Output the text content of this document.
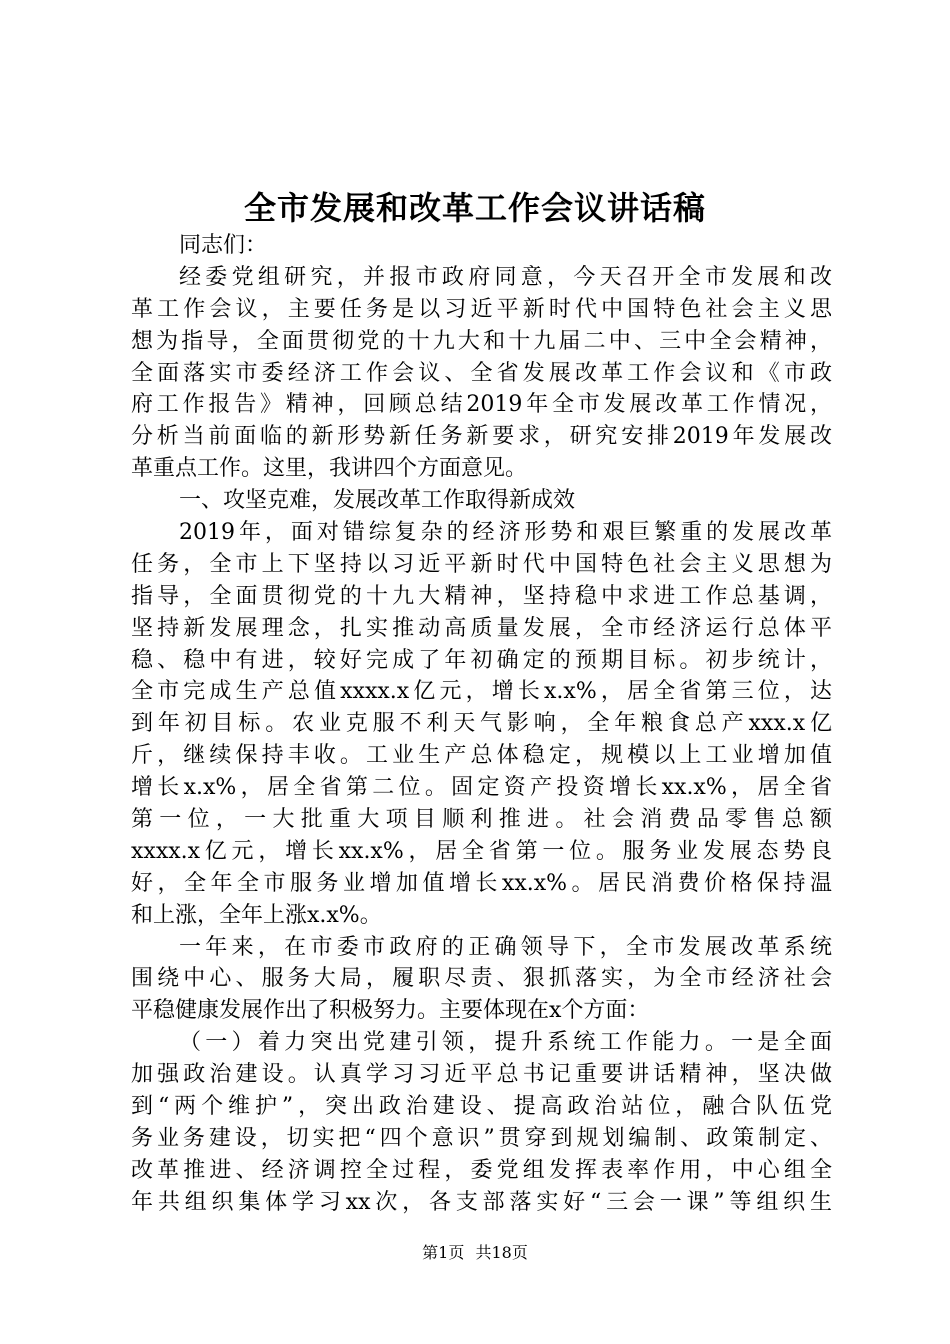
全市发展和改革工作会议讲话稿
同志们：
经委党组研究，并报市政府同意，今天召开全市发展和改
革工作会议，主要任务是以习近平新时代中国特色社会主义思
想为指导，全面贯彻党的十九大和十九届二中、三中全会精神，
全面落实市委经济工作会议、全省发展改革工作会议和《市政
府工作报告》精神，回顾总结2019年全市发展改革工作情况，
分析当前面临的新形势新任务新要求，研究安排2019年发展改
革重点工作。这里，我讲四个方面意见。
一、攻坚克难，发展改革工作取得新成效
2019年，面对错综复杂的经济形势和艰巨繁重的发展改革
任务，全市上下坚持以习近平新时代中国特色社会主义思想为
指导，全面贯彻党的十九大精神，坚持稳中求进工作总基调，
坚持新发展理念，扎实推动高质量发展，全市经济运行总体平
稳、稳中有进，较好完成了年初确定的预期目标。初步统计，
全市完成生产总值xxxx.x亿元，增长x.x%，居全省第三位，达
到年初目标。农业克服不利天气影响，全年粮食总产xxx.x亿
斤，继续保持丰收。工业生产总体稳定，规模以上工业增加值
增长x.x%，居全省第二位。固定资产投资增长xx.x%，居全省
第一位，一大批重大项目顺利推进。社会消费品零售总额
xxxx.x亿元，增长xx.x%，居全省第一位。服务业发展态势良
好，全年全市服务业增加值增长xx.x%。居民消费价格保持温
和上涨，全年上涨x.x%。
一年来，在市委市政府的正确领导下，全市发展改革系统
围绕中心、服务大局，履职尽责、狠抓落实，为全市经济社会
平稳健康发展作出了积极努力。主要体现在x个方面：
（一）着力突出党建引领，提升系统工作能力。一是全面
加强政治建设。认真学习习近平总书记重要讲话精神，坚决做
到“两个维护”，突出政治建设、提高政治站位，融合队伍党
务业务建设，切实把“四个意识”贯穿到规划编制、政策制定、
改革推进、经济调控全过程，委党组发挥表率作用，中心组全
年共组织集体学习xx次，各支部落实好“三会一课”等组织生
第1页 共18页
